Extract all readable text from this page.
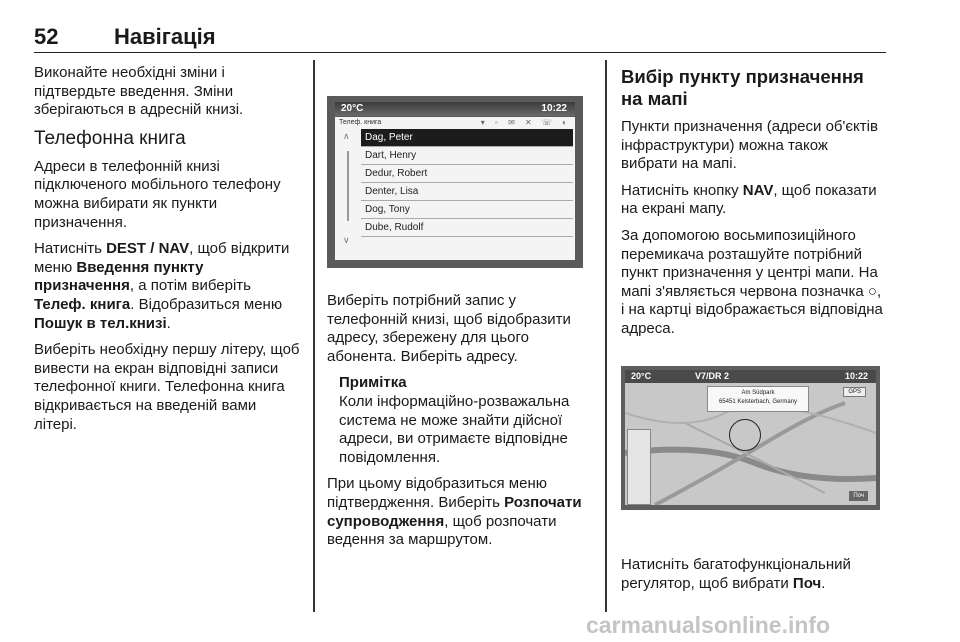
52	Навігація

Виконайте необхідні зміни і підтвердьте введення. Зміни зберігаються в адресній книзі.

Телефонна книга

Адреси в телефонній книзі підключеного мобільного телефону можна вибирати як пункти призначення.

Натисніть DEST / NAV, щоб відкрити меню Введення пункту призначення, а потім виберіть Телеф. книга. Відобразиться меню Пошук в тел.книзі.

Виберіть необхідну першу літеру, щоб вивести на екран відповідні записи телефонної книги. Телефонна книга відкривається на введеній вами літері.

20°C	10:22
Телеф. книга	▾ ▫ ✉ ✕ ☏ ◐
∧
∨
Dag, Peter
Dart, Henry
Dedur, Robert
Denter, Lisa
Dog, Tony
Dube, Rudolf

Виберіть потрібний запис у телефонній книзі, щоб відобразити адресу, збережену для цього абонента. Виберіть адресу.

Примітка
Коли інформаційно-розважальна система не може знайти дійсної адреси, ви отримаєте відповідне повідомлення.

При цьому відобразиться меню підтвердження. Виберіть Розпочати супроводження, щоб розпочати ведення за маршрутом.

Вибір пункту призначення на мапі

Пункти призначення (адреси об'єктів інфраструктури) можна також вибрати на мапі.

Натисніть кнопку NAV, щоб показати на екрані мапу.

За допомогою восьмипозиційного перемикача розташуйте потрібний пункт призначення у центрі мапи. На мапі з'являється червона позначка ○, і на картці відображається відповідна адреса.

20°C	V7/DR 2	10:22
Am Südpark
65451 Kelsterbach, Germany
GPS
Поч

Натисніть багатофункціональний регулятор, щоб вибрати Поч.

carmanualsonline.info
